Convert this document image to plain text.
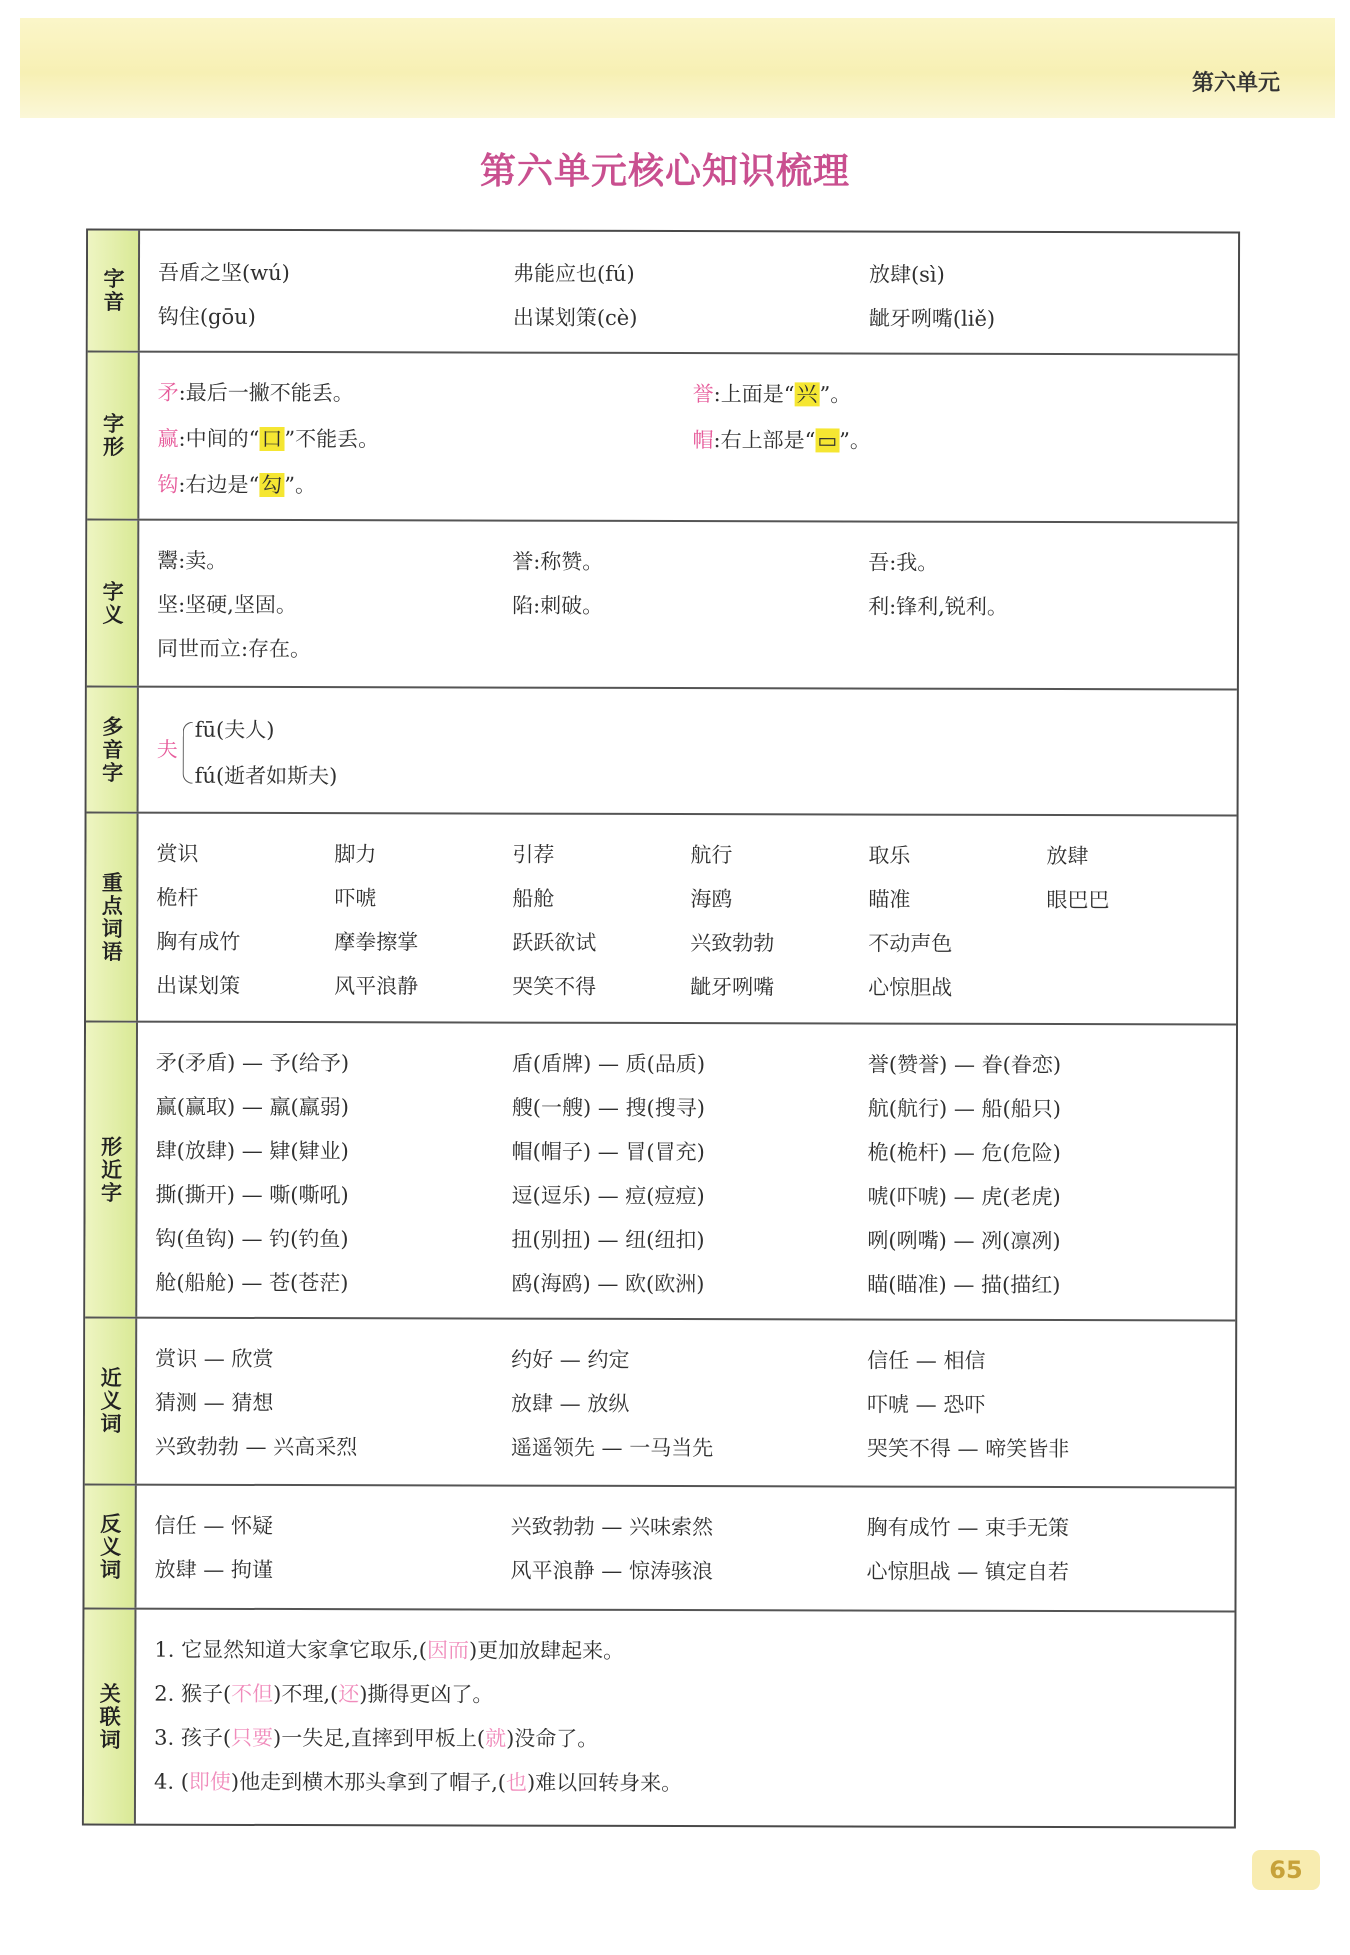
第六单元
第六单元核心知识梳理
字音 吾盾之坚(wú)	弗能应也(fú)	放肆(sì)
钩住(gōu)	出谋划策(cè)	龇牙咧嘴(liě)
字形
矛:最后一撇不能丢。	誉:上面是“兴”。
赢:中间的“口”不能丢。	帽:右上部是“▭”。
钩:右边是“勾”。
字义
鬻:卖。	誉:称赞。	吾:我。
坚:坚硬,坚固。	陷:刺破。	利:锋利,锐利。
同世而立:存在。
多音字 夫
fū(夫人)
fú(逝者如斯夫)
重点词语
赏识	脚力	引荐	航行	取乐	放肆
桅杆	吓唬	船舱	海鸥	瞄准	眼巴巴
胸有成竹	摩拳擦掌	跃跃欲试	兴致勃勃	不动声色
出谋划策	风平浪静	哭笑不得	龇牙咧嘴	心惊胆战
形近字
矛(矛盾) — 予(给予)	盾(盾牌) — 质(品质)	誉(赞誉) — 眷(眷恋)
赢(赢取) — 羸(羸弱)	艘(一艘) — 搜(搜寻)	航(航行) — 船(船只)
肆(放肆) — 肄(肄业)	帽(帽子) — 冒(冒充)	桅(桅杆) — 危(危险)
撕(撕开) — 嘶(嘶吼)	逗(逗乐) — 痘(痘痘)	唬(吓唬) — 虎(老虎)
钩(鱼钩) — 钓(钓鱼)	扭(别扭) — 纽(纽扣)	咧(咧嘴) — 冽(凛冽)
舱(船舱) — 苍(苍茫)	鸥(海鸥) — 欧(欧洲)	瞄(瞄准) — 描(描红)
近义词
赏识 — 欣赏	约好 — 约定	信任 — 相信
猜测 — 猜想	放肆 — 放纵	吓唬 — 恐吓
兴致勃勃 — 兴高采烈	遥遥领先 — 一马当先	哭笑不得 — 啼笑皆非
反义词 信任 — 怀疑	兴致勃勃 — 兴味索然	胸有成竹 — 束手无策
放肆 — 拘谨	风平浪静 — 惊涛骇浪	心惊胆战 — 镇定自若
关联词
1. 它显然知道大家拿它取乐,(因而)更加放肆起来。
2. 猴子(不但)不理,(还)撕得更凶了。
3. 孩子(只要)一失足,直摔到甲板上(就)没命了。
4. (即使)他走到横木那头拿到了帽子,(也)难以回转身来。
65
